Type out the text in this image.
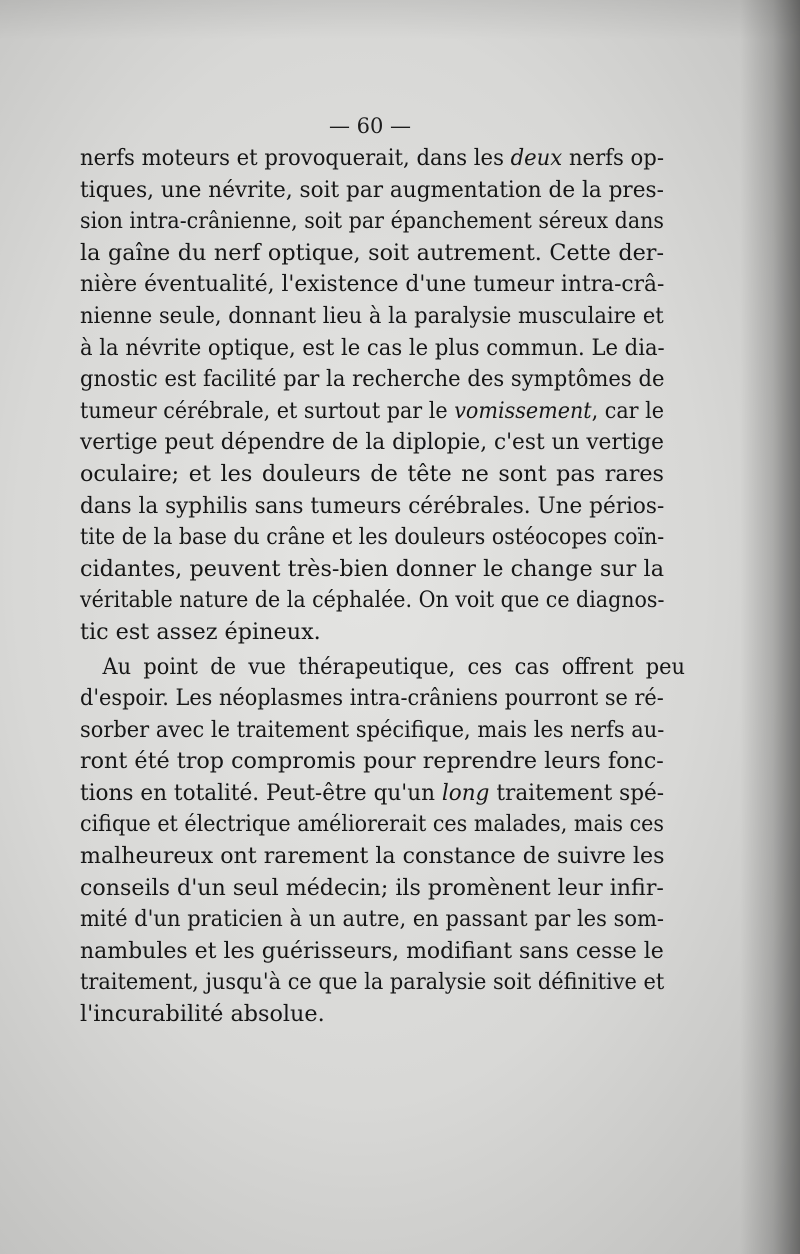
— 60 —
nerfs moteurs et provoquerait, dans les deux nerfs op-
tiques, une névrite, soit par augmentation de la pres-
sion intra-crânienne, soit par épanchement séreux dans
la gaîne du nerf optique, soit autrement. Cette der-
nière éventualité, l'existence d'une tumeur intra-crâ-
nienne seule, donnant lieu à la paralysie musculaire et
à la névrite optique, est le cas le plus commun. Le dia-
gnostic est facilité par la recherche des symptômes de
tumeur cérébrale, et surtout par le vomissement, car le
vertige peut dépendre de la diplopie, c'est un vertige
oculaire; et les douleurs de tête ne sont pas rares
dans la syphilis sans tumeurs cérébrales. Une périos-
tite de la base du crâne et les douleurs ostéocopes coïn-
cidantes, peuvent très-bien donner le change sur la
véritable nature de la céphalée. On voit que ce diagnos-
tic est assez épineux.
Au point de vue thérapeutique, ces cas offrent peu
d'espoir. Les néoplasmes intra-crâniens pourront se ré-
sorber avec le traitement spécifique, mais les nerfs au-
ront été trop compromis pour reprendre leurs fonc-
tions en totalité. Peut-être qu'un long traitement spé-
cifique et électrique améliorerait ces malades, mais ces
malheureux ont rarement la constance de suivre les
conseils d'un seul médecin; ils promènent leur infir-
mité d'un praticien à un autre, en passant par les som-
nambules et les guérisseurs, modifiant sans cesse le
traitement, jusqu'à ce que la paralysie soit définitive et
l'incurabilité absolue.
